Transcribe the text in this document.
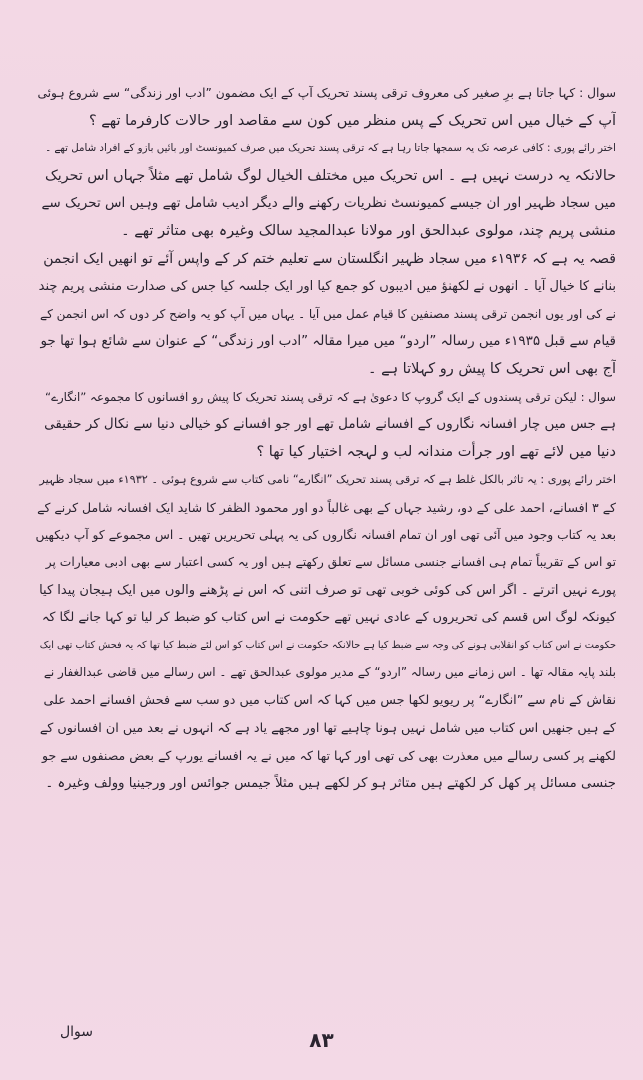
سوال : کہا جاتا ہے برِ صغیر کی معروف ترقی پسند تحریک آپ کے ایک مضمون ”ادب اور زندگی“ سے شروع ہوئی
آپ کے خیال میں اس تحریک کے پس منظر میں کون سے مقاصد اور حالات کارفرما تھے ؟
اختر رائے پوری : کافی عرصہ تک یہ سمجھا جاتا رہا ہے کہ ترقی پسند تحریک میں صرف کمیونسٹ اور بائیں بازو کے افراد شامل تھے ۔
حالانکہ یہ درست نہیں ہے ۔ اس تحریک میں مختلف الخیال لوگ شامل تھے مثلاً جہاں اس تحریک
میں سجاد ظہیر اور ان جیسے کمیونسٹ نظریات رکھنے والے دیگر ادیب شامل تھے وہیں اس تحریک سے
منشی پریم چند، مولوی عبدالحق اور مولانا عبدالمجید سالک وغیرہ بھی متاثر تھے ۔
قصہ یہ ہے کہ ۱۹۳۶ء میں سجاد ظہیر انگلستان سے تعلیم ختم کر کے واپس آئے تو انھیں ایک انجمن
بنانے کا خیال آیا ۔ انھوں نے لکھنؤ میں ادیبوں کو جمع کیا اور ایک جلسہ کیا جس کی صدارت منشی پریم چند
نے کی اور یوں انجمن ترقی پسند مصنفین کا قیام عمل میں آیا ۔ یہاں میں آپ کو یہ واضح کر دوں کہ اس انجمن کے
قیام سے قبل ۱۹۳۵ء میں رسالہ ”اردو“ میں میرا مقالہ ”ادب اور زندگی“ کے عنوان سے شائع ہوا تھا جو
آج بھی اس تحریک کا پیش رو کہلاتا ہے ۔
سوال : لیکن ترقی پسندوں کے ایک گروپ کا دعویٰ ہے کہ ترقی پسند تحریک کا پیش رو افسانوں کا مجموعہ ”انگارے“
ہے جس میں چار افسانہ نگاروں کے افسانے شامل تھے اور جو افسانے کو خیالی دنیا سے نکال کر حقیقی
دنیا میں لائے تھے اور جرأت مندانہ لب و لہجہ اختیار کیا تھا ؟
اختر رائے پوری : یہ تاثر بالکل غلط ہے کہ ترقی پسند تحریک ”انگارے“ نامی کتاب سے شروع ہوئی ۔ ۱۹۳۲ء میں سجاد ظہیر
کے ۳ افسانے، احمد علی کے دو، رشید جہاں کے بھی غالباً دو اور محمود الظفر کا شاید ایک افسانہ شامل کرنے کے
بعد یہ کتاب وجود میں آئی تھی اور ان تمام افسانہ نگاروں کی یہ پہلی تحریریں تھیں ۔ اس مجموعے کو آپ دیکھیں
تو اس کے تقریباً تمام ہی افسانے جنسی مسائل سے تعلق رکھتے ہیں اور یہ کسی اعتبار سے بھی ادبی معیارات پر
پورے نہیں اترتے ۔ اگر اس کی کوئی خوبی تھی تو صرف اتنی کہ اس نے پڑھنے والوں میں ایک ہیجان پیدا کیا
کیونکہ لوگ اس قسم کی تحریروں کے عادی نہیں تھے حکومت نے اس کتاب کو ضبط کر لیا تو کہا جانے لگا کہ
حکومت نے اس کتاب کو انقلابی ہونے کی وجہ سے ضبط کیا ہے حالانکہ حکومت نے اس کتاب کو اس لئے ضبط کیا تھا کہ یہ فحش کتاب تھی ایک
بلند پایہ مقالہ تھا ۔ اس زمانے میں رسالہ ”اردو“ کے مدیر مولوی عبدالحق تھے ۔ اس رسالے میں قاضی عبدالغفار نے
نقاش کے نام سے ”انگارے“ پر ریویو لکھا جس میں کہا کہ اس کتاب میں دو سب سے فحش افسانے احمد علی
کے ہیں جنھیں اس کتاب میں شامل نہیں ہونا چاہیے تھا اور مجھے یاد ہے کہ انہوں نے بعد میں ان افسانوں کے
لکھنے پر کسی رسالے میں معذرت بھی کی تھی اور کہا تھا کہ میں نے یہ افسانے یورپ کے بعض مصنفوں سے جو
جنسی مسائل پر کھل کر لکھتے ہیں متاثر ہو کر لکھے ہیں مثلاً جیمس جوائس اور ورجینیا وولف وغیرہ ۔
سوال	۸۳
